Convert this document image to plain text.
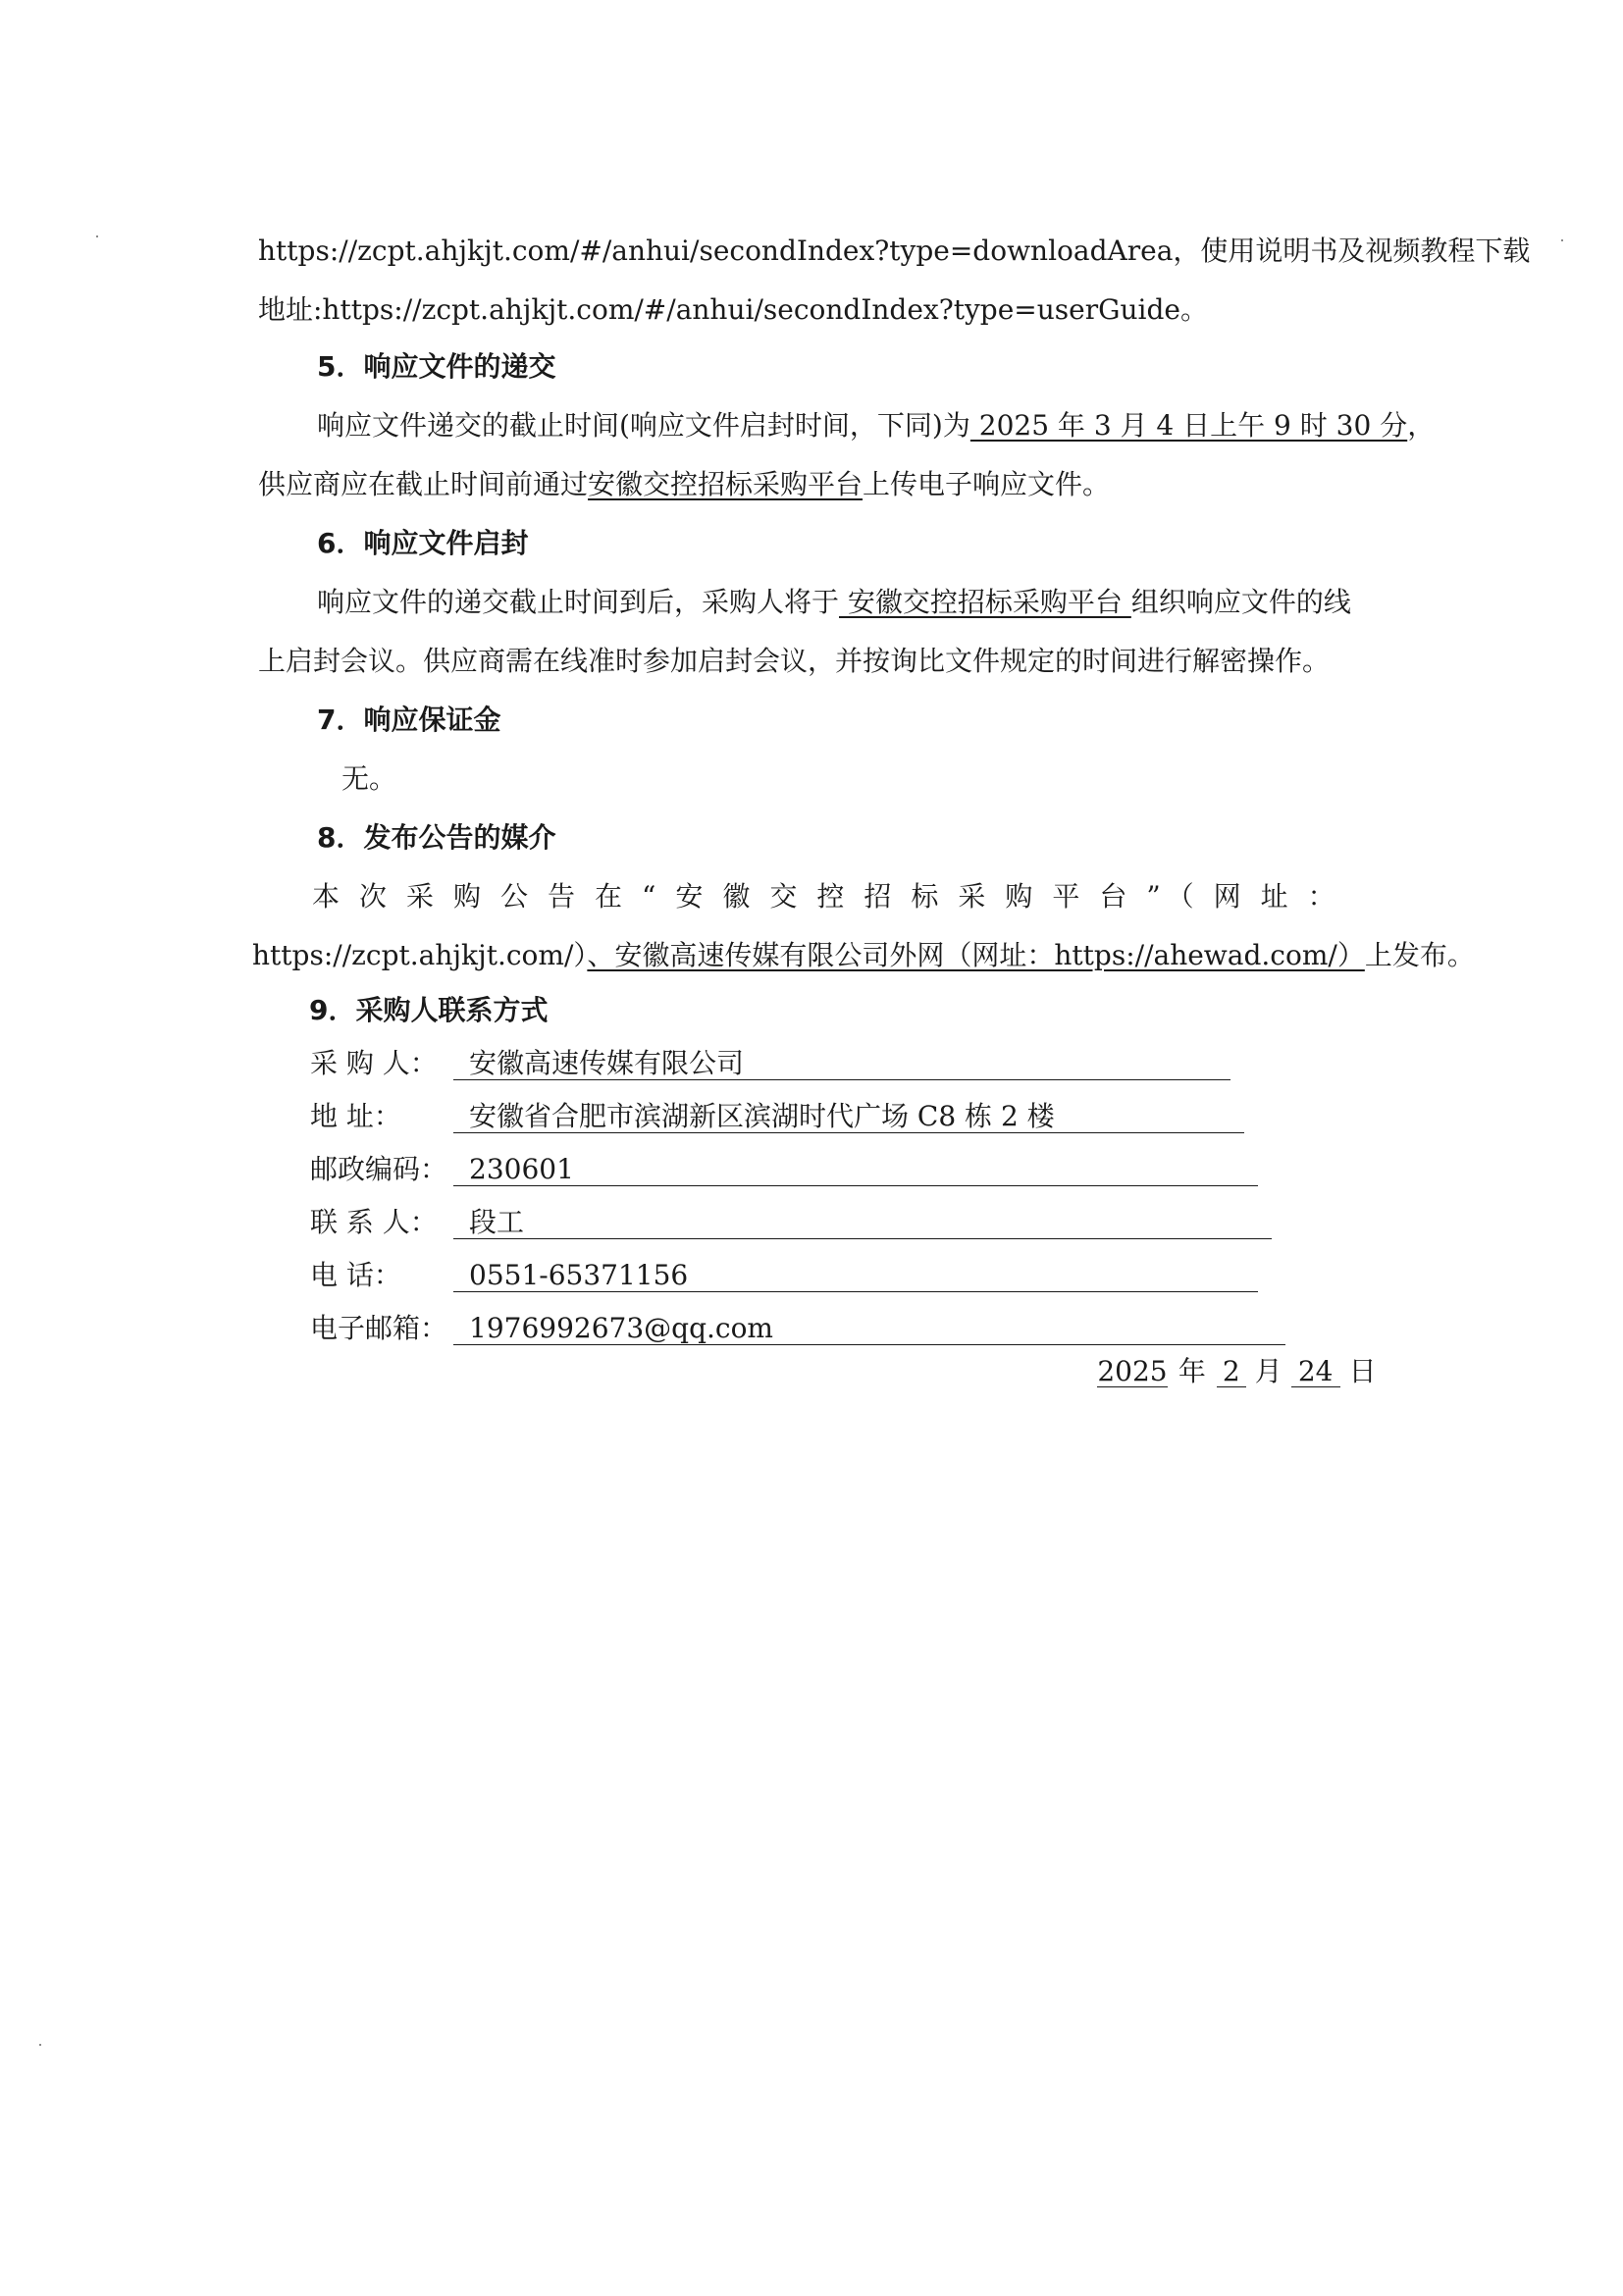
https://zcpt.ahjkjt.com/#/anhui/secondIndex?type=downloadArea，使用说明书及视频教程下载
地址:https://zcpt.ahjkjt.com/#/anhui/secondIndex?type=userGuide。
5．响应文件的递交
响应文件递交的截止时间(响应文件启封时间，下同)为 2025 年 3 月 4 日上午 9 时 30 分，
供应商应在截止时间前通过安徽交控招标采购平台上传电子响应文件。
6．响应文件启封
响应文件的递交截止时间到后，采购人将于 安徽交控招标采购平台 组织响应文件的线
上启封会议。供应商需在线准时参加启封会议，并按询比文件规定的时间进行解密操作。
7．响应保证金
无。
8．发布公告的媒介
本次采购公告在“安徽交控招标采购平台”（网址：
https://zcpt.ahjkjt.com/）、安徽高速传媒有限公司外网（网址：https://ahewad.com/）上发布。
9．采购人联系方式
采 购 人：	安徽高速传媒有限公司
地 址：	安徽省合肥市滨湖新区滨湖时代广场 C8 栋 2 楼
邮政编码： 230601
联 系 人：	段工
电 话：	0551-65371156
电子邮箱： 1976992673@qq.com
2025 年 2 月 24 日
